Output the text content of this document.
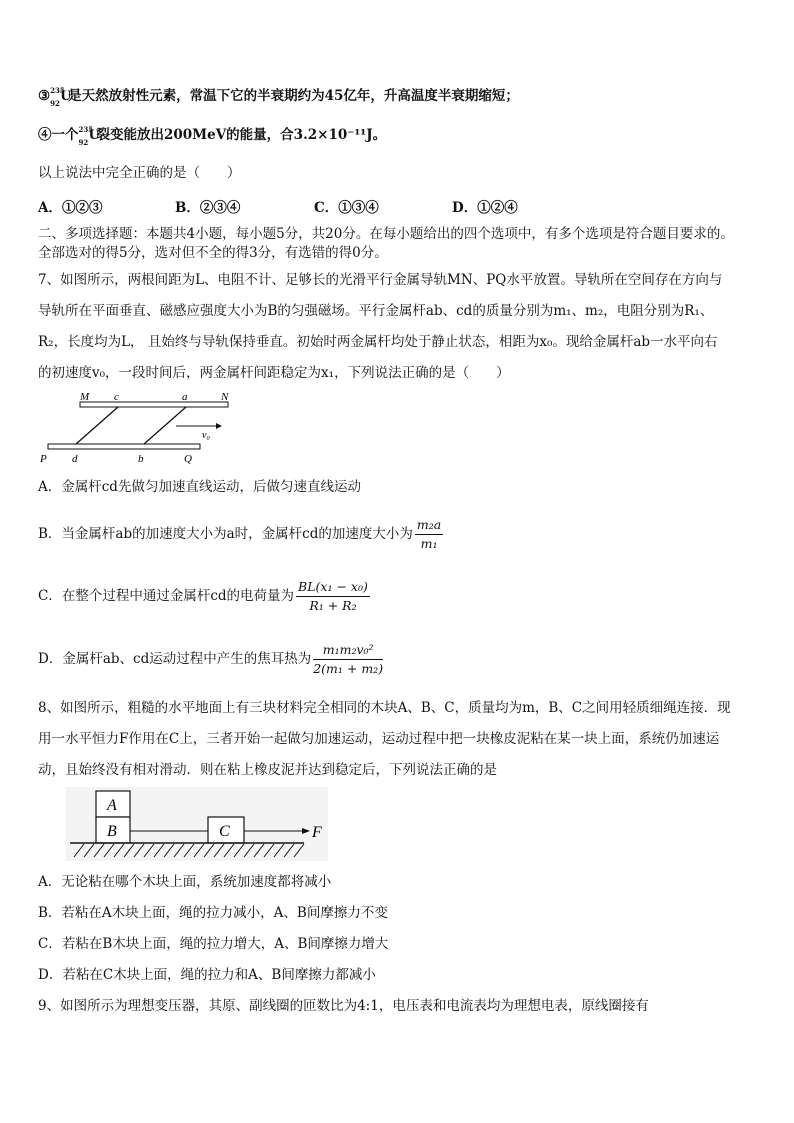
③ 235
92 U
是天然放射性元素，常温下它的半衰期约为45亿年，升高温度半衰期缩短；
④一个 235
92 U
裂变能放出200MeV的能量，合3.2×10⁻¹¹J。
以上说法中完全正确的是（　　）
A．①②③	B．②③④	C．①③④	D．①②④
二、多项选择题：本题共4小题，每小题5分，共20分。在每小题给出的四个选项中，有多个选项是符合题目要求的。
全部选对的得5分，选对但不全的得3分，有选错的得0分。
7、如图所示，两根间距为L、电阻不计、足够长的光滑平行金属导轨MN、PQ水平放置。导轨所在空间存在方向与
导轨所在平面垂直、磁感应强度大小为B的匀强磁场。平行金属杆ab、cd的质量分别为m₁、m₂，电阻分别为R₁、
R₂，长度均为L， 且始终与导轨保持垂直。初始时两金属杆均处于静止状态，相距为x₀。现给金属杆ab一水平向右
的初速度v₀，一段时间后，两金属杆间距稳定为x₁，下列说法正确的是（　　）
M c	a	N
v₀
P d	b	Q
A．金属杆cd先做匀加速直线运动，后做匀速直线运动
B．当金属杆ab的加速度大小为a时，金属杆cd的加速度大小为 $\frac{\text{m₂a}}{\text{m₁}}$
C．在整个过程中通过金属杆cd的电荷量为 $\frac{\text{BL(x₁ − x₀)}}{\text{R₁ + R₂}}$
D．金属杆ab、cd运动过程中产生的焦耳热为 $\frac{\text{m₁m₂v₀²}}{\text{2(m₁ + m₂)}}$
8、如图所示，粗糙的水平地面上有三块材料完全相同的木块A、B、C，质量均为m，B、C之间用轻质细绳连接．现
用一水平恒力F作用在C上，三者开始一起做匀加速运动，运动过程中把一块橡皮泥粘在某一块上面，系统仍加速运
动，且始终没有相对滑动．则在粘上橡皮泥并达到稳定后，下列说法正确的是
A
B	C	F
A．无论粘在哪个木块上面，系统加速度都将减小
B．若粘在A木块上面，绳的拉力减小，A、B间摩擦力不变
C．若粘在B木块上面，绳的拉力增大，A、B间摩擦力增大
D．若粘在C木块上面，绳的拉力和A、B间摩擦力都减小
9、如图所示为理想变压器，其原、副线圈的匝数比为4:1，电压表和电流表均为理想电表，原线圈接有
